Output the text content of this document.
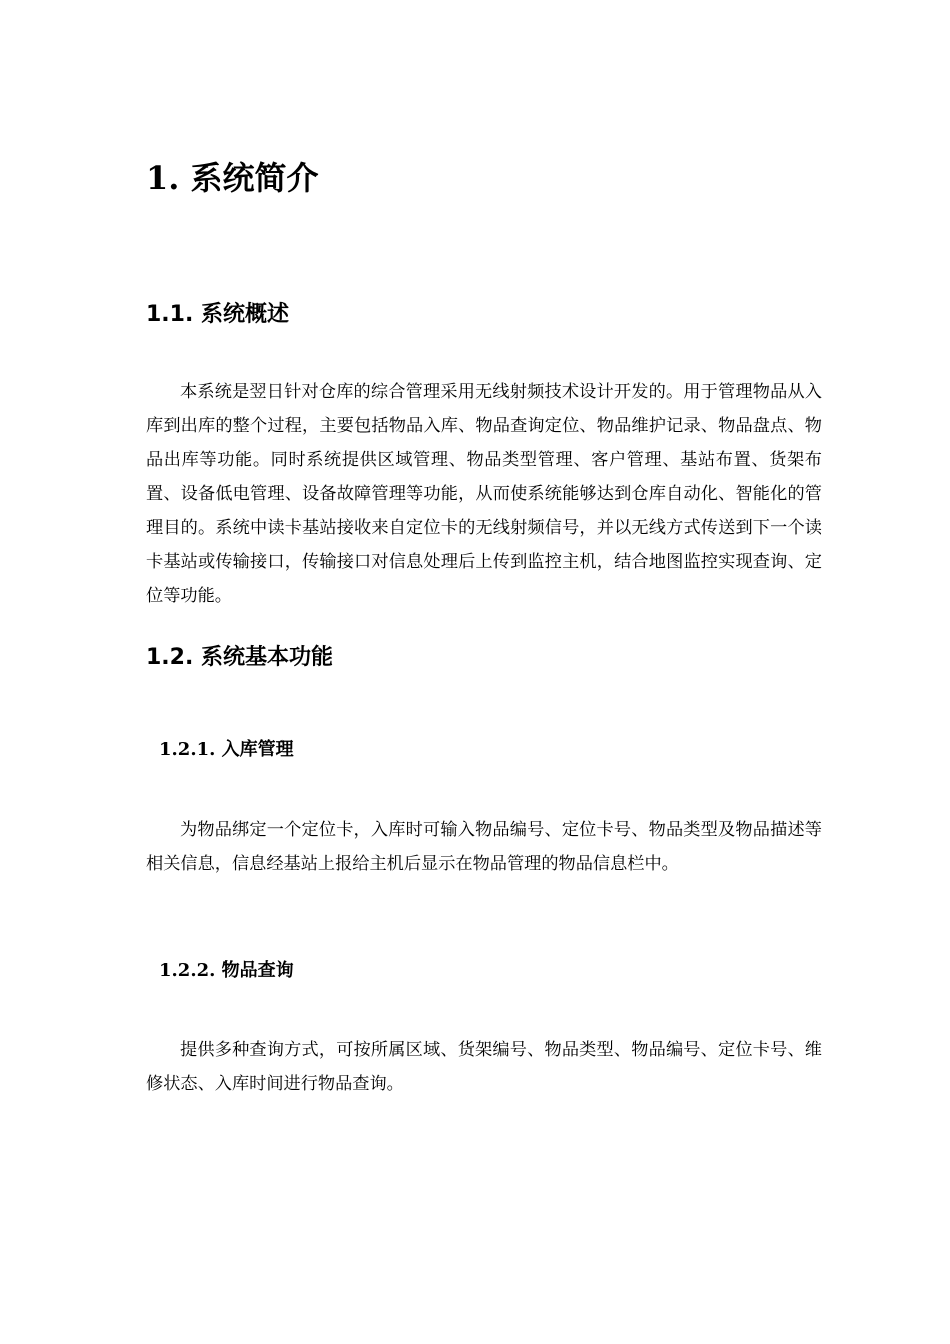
1. 系统简介
1.1. 系统概述

本系统是翌日针对仓库的综合管理采用无线射频技术设计开发的。用于管理物品从入库到出库的整个过程，主要包括物品入库、物品查询定位、物品维护记录、物品盘点、物品出库等功能。同时系统提供区域管理、物品类型管理、客户管理、基站布置、货架布置、设备低电管理、设备故障管理等功能，从而使系统能够达到仓库自动化、智能化的管理目的。系统中读卡基站接收来自定位卡的无线射频信号，并以无线方式传送到下一个读卡基站或传输接口，传输接口对信息处理后上传到监控主机，结合地图监控实现查询、定位等功能。

1.2. 系统基本功能
1.2.1. 入库管理

为物品绑定一个定位卡，入库时可输入物品编号、定位卡号、物品类型及物品描述等相关信息，信息经基站上报给主机后显示在物品管理的物品信息栏中。

1.2.2. 物品查询

提供多种查询方式，可按所属区域、货架编号、物品类型、物品编号、定位卡号、维修状态、入库时间进行物品查询。
